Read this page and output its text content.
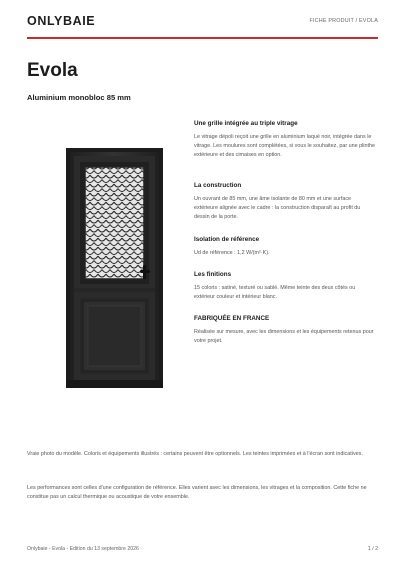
ONLYBAIE	FICHE PRODUIT / EVOLA
Evola
Aluminium monobloc 85 mm

Une grille intégrée au triple vitrage

Le vitrage dépoli reçoit une grille en aluminium laqué noir, intégrée dans le vitrage. Les moulures sont complétées, si vous le souhaitez, par une plinthe extérieure et des cimaises en option.

La construction

Un ouvrant de 85 mm, une âme isolante de 80 mm et une surface extérieure alignée avec le cadre : la construction disparaît au profit du dessin de la porte.

Isolation de référence

Ud de référence : 1,2 W/(m²·K).

Les finitions

15 coloris : satiné, texturé ou sablé. Même teinte des deux côtés ou extérieur couleur et intérieur blanc.

FABRIQUÉE EN FRANCE

Réalisée sur mesure, avec les dimensions et les équipements retenus pour votre projet.

Vraie photo du modèle. Coloris et équipements illustrés : certains peuvent être optionnels. Les teintes imprimées et à l'écran sont indicatives.

Les performances sont celles d'une configuration de référence. Elles varient avec les dimensions, les vitrages et la composition. Cette fiche ne constitue pas un calcul thermique ou acoustique de votre ensemble.

Onlybaie - Evola - Edition du 13 septembre 2026	1 / 2
